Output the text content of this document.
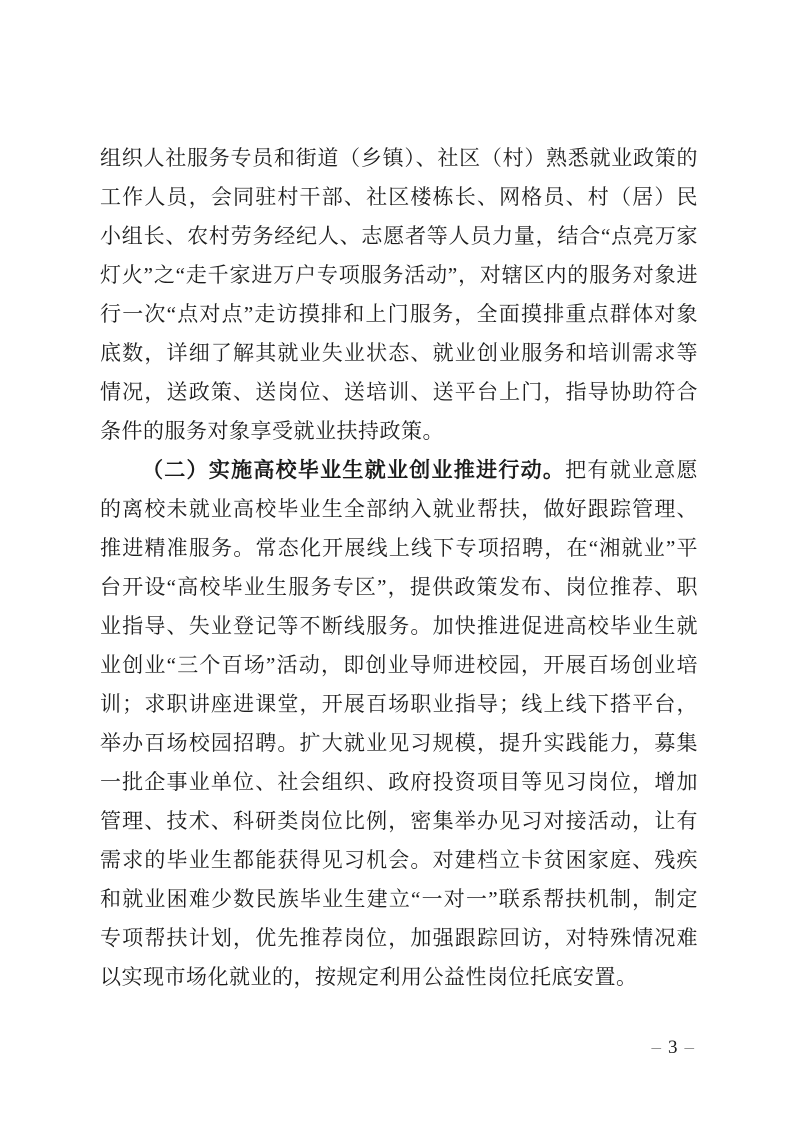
组织人社服务专员和街道（乡镇）、社区（村）熟悉就业政策的工作人员，会同驻村干部、社区楼栋长、网格员、村（居）民小组长、农村劳务经纪人、志愿者等人员力量，结合“点亮万家灯火”之“走千家进万户专项服务活动”，对辖区内的服务对象进行一次“点对点”走访摸排和上门服务，全面摸排重点群体对象底数，详细了解其就业失业状态、就业创业服务和培训需求等情况，送政策、送岗位、送培训、送平台上门，指导协助符合条件的服务对象享受就业扶持政策。

（二）实施高校毕业生就业创业推进行动。把有就业意愿的离校未就业高校毕业生全部纳入就业帮扶，做好跟踪管理、推进精准服务。常态化开展线上线下专项招聘，在“湘就业”平台开设“高校毕业生服务专区”，提供政策发布、岗位推荐、职业指导、失业登记等不断线服务。加快推进促进高校毕业生就业创业“三个百场”活动，即创业导师进校园，开展百场创业培训；求职讲座进课堂，开展百场职业指导；线上线下搭平台，举办百场校园招聘。扩大就业见习规模，提升实践能力，募集一批企事业单位、社会组织、政府投资项目等见习岗位，增加管理、技术、科研类岗位比例，密集举办见习对接活动，让有需求的毕业生都能获得见习机会。对建档立卡贫困家庭、残疾和就业困难少数民族毕业生建立“一对一”联系帮扶机制，制定专项帮扶计划，优先推荐岗位，加强跟踪回访，对特殊情况难以实现市场化就业的，按规定利用公益性岗位托底安置。

– 3 –
